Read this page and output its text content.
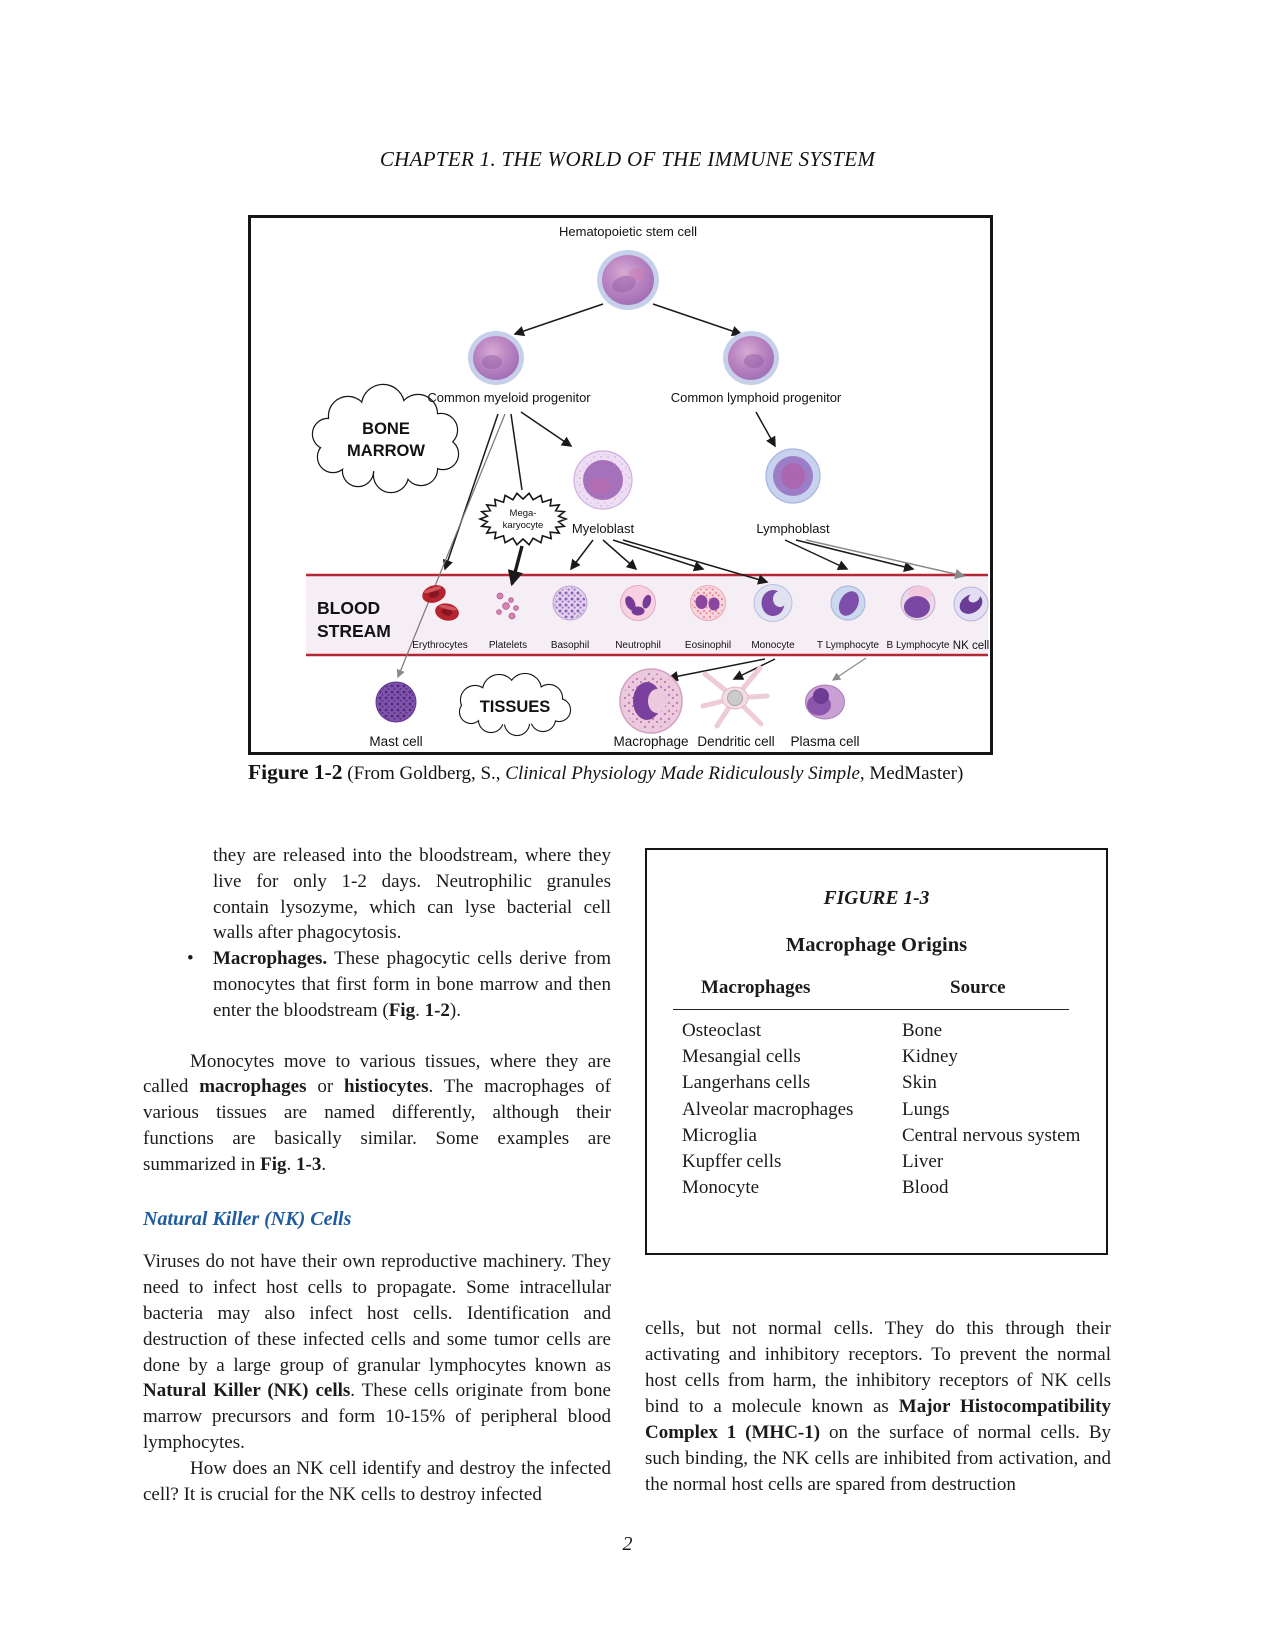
CHAPTER 1. THE WORLD OF THE IMMUNE SYSTEM
BONE
MARROW
Mega-
karyocyte
BLOOD
STREAM
TISSUES
Hematopoietic stem cell
Common myeloid progenitor	Common lymphoid progenitor
Myeloblast	Lymphoblast
Erythrocytes Platelets Basophil	Neutrophil Eosinophil Monocyte T Lymphocyte B Lymphocyte NK cell
Mast cell	Macrophage Dendritic cell Plasma cell
Figure 1-2 (From Goldberg, S., Clinical Physiology Made Ridiculously Simple, MedMaster)

they are released into the bloodstream, where they live for only 1-2 days. Neutrophilic granules contain lysozyme, which can lyse bacterial cell walls after phagocytosis.

• Macrophages. These phagocytic cells derive from monocytes that first form in bone marrow and then enter the bloodstream (Fig. 1-2).

Monocytes move to various tissues, where they are called macrophages or histiocytes. The macrophages of various tissues are named differently, although their functions are basically similar. Some examples are summarized in Fig. 1-3.

Natural Killer (NK) Cells

Viruses do not have their own reproductive machinery. They need to infect host cells to propagate. Some intracellular bacteria may also infect host cells. Identification and destruction of these infected cells and some tumor cells are done by a large group of granular lymphocytes known as Natural Killer (NK) cells. These cells originate from bone marrow precursors and form 10-15% of peripheral blood lymphocytes.

How does an NK cell identify and destroy the infected cell? It is crucial for the NK cells to destroy infected

FIGURE 1-3
Macrophage Origins
Macrophages	Source
Osteoclast	Bone
Mesangial cells	Kidney
Langerhans cells	Skin
Alveolar macrophages	Lungs
Microglia	Central nervous system
Kupffer cells	Liver
Monocyte	Blood

cells, but not normal cells. They do this through their activating and inhibitory receptors. To prevent the normal host cells from harm, the inhibitory receptors of NK cells bind to a molecule known as Major Histocompatibility Complex 1 (MHC-1) on the surface of normal cells. By such binding, the NK cells are inhibited from activation, and the normal host cells are spared from destruction

2
